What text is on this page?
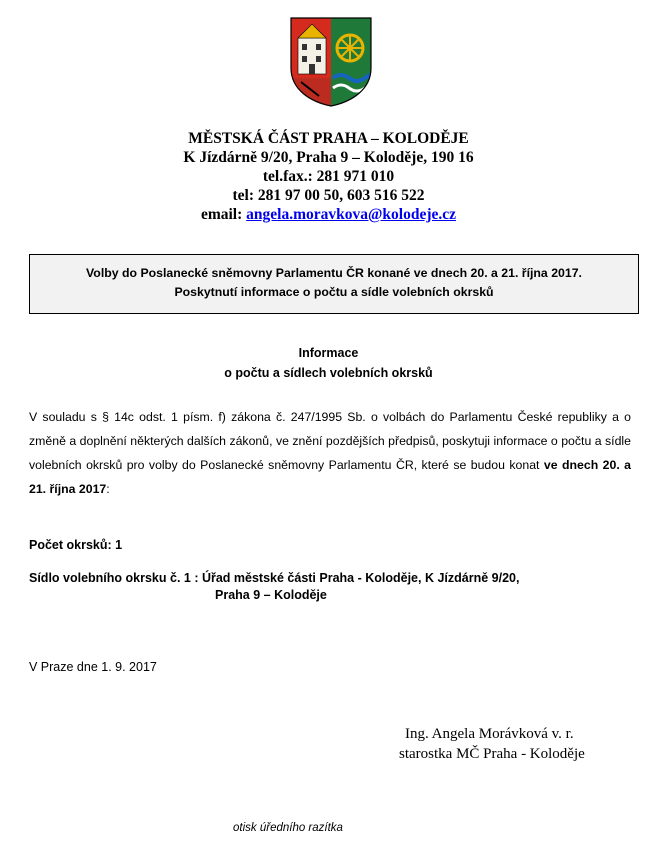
MĚSTSKÁ ČÁST PRAHA – KOLODĚJE
K Jízdárně 9/20, Praha 9 – Koloděje, 190 16
tel.fax.: 281 971 010
tel: 281 97 00 50, 603 516 522
email: angela.moravkova@kolodeje.cz
Volby do Poslanecké sněmovny Parlamentu ČR konané ve dnech 20. a 21. října 2017.
Poskytnutí informace o počtu a sídle volebních okrsků
Informace
o počtu a sídlech volebních okrsků
V souladu s § 14c odst. 1 písm. f) zákona č. 247/1995 Sb. o volbách do Parlamentu České republiky a o změně a doplnění některých dalších zákonů, ve znění pozdějších předpisů, poskytuji informace o počtu a sídle volebních okrsků pro volby do Poslanecké sněmovny Parlamentu ČR, které se budou konat ve dnech 20. a 21. října 2017:
Počet okrsků: 1
Sídlo volebního okrsku č. 1 : Úřad městské části Praha - Koloděje, K Jízdárně 9/20,
Praha 9 – Koloděje
V Praze dne 1. 9. 2017
Ing. Angela Morávková v. r.
starostka MČ Praha - Koloděje
otisk úředního razítka
